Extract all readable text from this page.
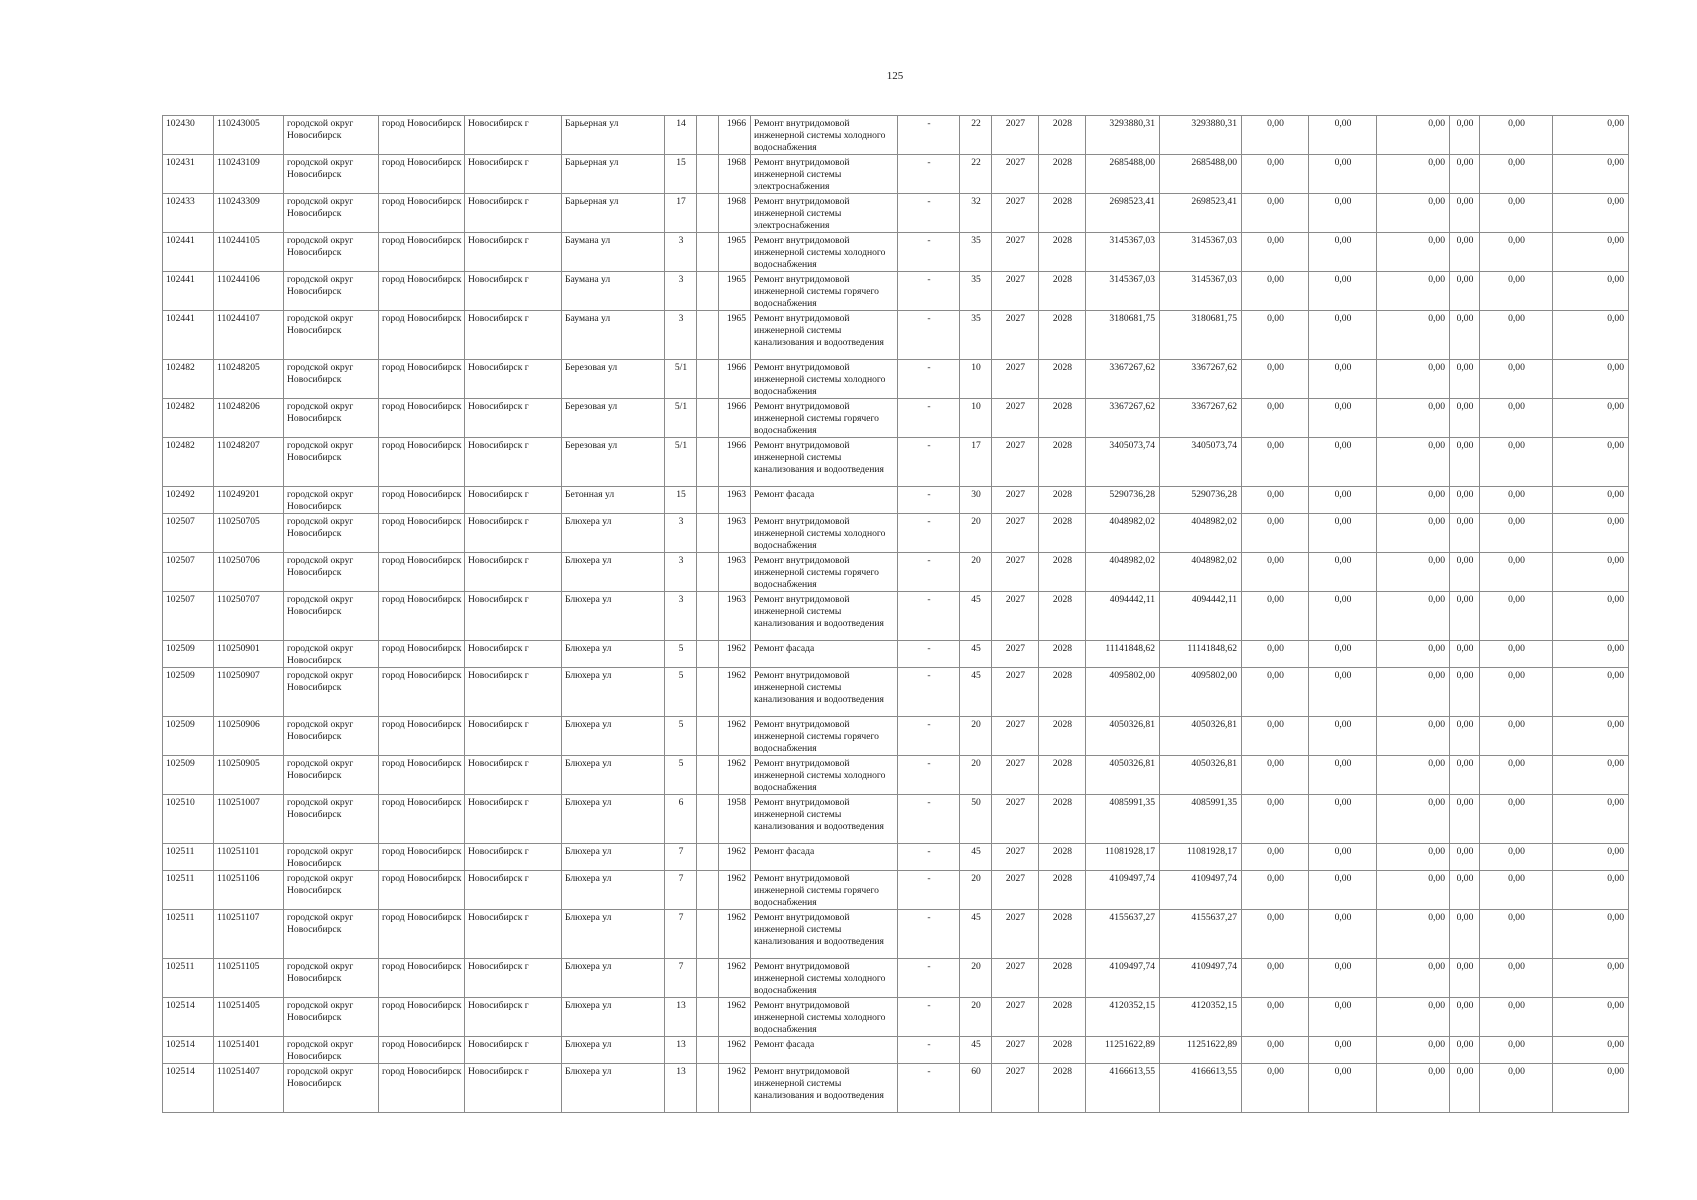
125
102430	110243005	городской округ Новосибирск	город Новосибирск	Новосибирск г	Барьерная ул	14		1966	Ремонт внутридомовой инженерной системы холодного водоснабжения	-	22	2027	2028	3293880,31	3293880,31	0,00	0,00	0,00	0,00	0,00	0,00
102431	110243109	городской округ Новосибирск	город Новосибирск	Новосибирск г	Барьерная ул	15		1968	Ремонт внутридомовой инженерной системы электроснабжения	-	22	2027	2028	2685488,00	2685488,00	0,00	0,00	0,00	0,00	0,00	0,00
102433	110243309	городской округ Новосибирск	город Новосибирск	Новосибирск г	Барьерная ул	17		1968	Ремонт внутридомовой инженерной системы электроснабжения	-	32	2027	2028	2698523,41	2698523,41	0,00	0,00	0,00	0,00	0,00	0,00
102441	110244105	городской округ Новосибирск	город Новосибирск	Новосибирск г	Баумана ул	3		1965	Ремонт внутридомовой инженерной системы холодного водоснабжения	-	35	2027	2028	3145367,03	3145367,03	0,00	0,00	0,00	0,00	0,00	0,00
102441	110244106	городской округ Новосибирск	город Новосибирск	Новосибирск г	Баумана ул	3		1965	Ремонт внутридомовой инженерной системы горячего водоснабжения	-	35	2027	2028	3145367,03	3145367,03	0,00	0,00	0,00	0,00	0,00	0,00
102441	110244107	городской округ Новосибирск	город Новосибирск	Новосибирск г	Баумана ул	3		1965	Ремонт внутридомовой инженерной системы канализования и водоотведения	-	35	2027	2028	3180681,75	3180681,75	0,00	0,00	0,00	0,00	0,00	0,00
102482	110248205	городской округ Новосибирск	город Новосибирск	Новосибирск г	Березовая ул	5/1		1966	Ремонт внутридомовой инженерной системы холодного водоснабжения	-	10	2027	2028	3367267,62	3367267,62	0,00	0,00	0,00	0,00	0,00	0,00
102482	110248206	городской округ Новосибирск	город Новосибирск	Новосибирск г	Березовая ул	5/1		1966	Ремонт внутридомовой инженерной системы горячего водоснабжения	-	10	2027	2028	3367267,62	3367267,62	0,00	0,00	0,00	0,00	0,00	0,00
102482	110248207	городской округ Новосибирск	город Новосибирск	Новосибирск г	Березовая ул	5/1		1966	Ремонт внутридомовой инженерной системы канализования и водоотведения	-	17	2027	2028	3405073,74	3405073,74	0,00	0,00	0,00	0,00	0,00	0,00
102492	110249201	городской округ Новосибирск	город Новосибирск	Новосибирск г	Бетонная ул	15		1963	Ремонт фасада	-	30	2027	2028	5290736,28	5290736,28	0,00	0,00	0,00	0,00	0,00	0,00
102507	110250705	городской округ Новосибирск	город Новосибирск	Новосибирск г	Блюхера ул	3		1963	Ремонт внутридомовой инженерной системы холодного водоснабжения	-	20	2027	2028	4048982,02	4048982,02	0,00	0,00	0,00	0,00	0,00	0,00
102507	110250706	городской округ Новосибирск	город Новосибирск	Новосибирск г	Блюхера ул	3		1963	Ремонт внутридомовой инженерной системы горячего водоснабжения	-	20	2027	2028	4048982,02	4048982,02	0,00	0,00	0,00	0,00	0,00	0,00
102507	110250707	городской округ Новосибирск	город Новосибирск	Новосибирск г	Блюхера ул	3		1963	Ремонт внутридомовой инженерной системы канализования и водоотведения	-	45	2027	2028	4094442,11	4094442,11	0,00	0,00	0,00	0,00	0,00	0,00
102509	110250901	городской округ Новосибирск	город Новосибирск	Новосибирск г	Блюхера ул	5		1962	Ремонт фасада	-	45	2027	2028	11141848,62	11141848,62	0,00	0,00	0,00	0,00	0,00	0,00
102509	110250907	городской округ Новосибирск	город Новосибирск	Новосибирск г	Блюхера ул	5		1962	Ремонт внутридомовой инженерной системы канализования и водоотведения	-	45	2027	2028	4095802,00	4095802,00	0,00	0,00	0,00	0,00	0,00	0,00
102509	110250906	городской округ Новосибирск	город Новосибирск	Новосибирск г	Блюхера ул	5		1962	Ремонт внутридомовой инженерной системы горячего водоснабжения	-	20	2027	2028	4050326,81	4050326,81	0,00	0,00	0,00	0,00	0,00	0,00
102509	110250905	городской округ Новосибирск	город Новосибирск	Новосибирск г	Блюхера ул	5		1962	Ремонт внутридомовой инженерной системы холодного водоснабжения	-	20	2027	2028	4050326,81	4050326,81	0,00	0,00	0,00	0,00	0,00	0,00
102510	110251007	городской округ Новосибирск	город Новосибирск	Новосибирск г	Блюхера ул	6		1958	Ремонт внутридомовой инженерной системы канализования и водоотведения	-	50	2027	2028	4085991,35	4085991,35	0,00	0,00	0,00	0,00	0,00	0,00
102511	110251101	городской округ Новосибирск	город Новосибирск	Новосибирск г	Блюхера ул	7		1962	Ремонт фасада	-	45	2027	2028	11081928,17	11081928,17	0,00	0,00	0,00	0,00	0,00	0,00
102511	110251106	городской округ Новосибирск	город Новосибирск	Новосибирск г	Блюхера ул	7		1962	Ремонт внутридомовой инженерной системы горячего водоснабжения	-	20	2027	2028	4109497,74	4109497,74	0,00	0,00	0,00	0,00	0,00	0,00
102511	110251107	городской округ Новосибирск	город Новосибирск	Новосибирск г	Блюхера ул	7		1962	Ремонт внутридомовой инженерной системы канализования и водоотведения	-	45	2027	2028	4155637,27	4155637,27	0,00	0,00	0,00	0,00	0,00	0,00
102511	110251105	городской округ Новосибирск	город Новосибирск	Новосибирск г	Блюхера ул	7		1962	Ремонт внутридомовой инженерной системы холодного водоснабжения	-	20	2027	2028	4109497,74	4109497,74	0,00	0,00	0,00	0,00	0,00	0,00
102514	110251405	городской округ Новосибирск	город Новосибирск	Новосибирск г	Блюхера ул	13		1962	Ремонт внутридомовой инженерной системы холодного водоснабжения	-	20	2027	2028	4120352,15	4120352,15	0,00	0,00	0,00	0,00	0,00	0,00
102514	110251401	городской округ Новосибирск	город Новосибирск	Новосибирск г	Блюхера ул	13		1962	Ремонт фасада	-	45	2027	2028	11251622,89	11251622,89	0,00	0,00	0,00	0,00	0,00	0,00
102514	110251407	городской округ Новосибирск	город Новосибирск	Новосибирск г	Блюхера ул	13		1962	Ремонт внутридомовой инженерной системы канализования и водоотведения	-	60	2027	2028	4166613,55	4166613,55	0,00	0,00	0,00	0,00	0,00	0,00
